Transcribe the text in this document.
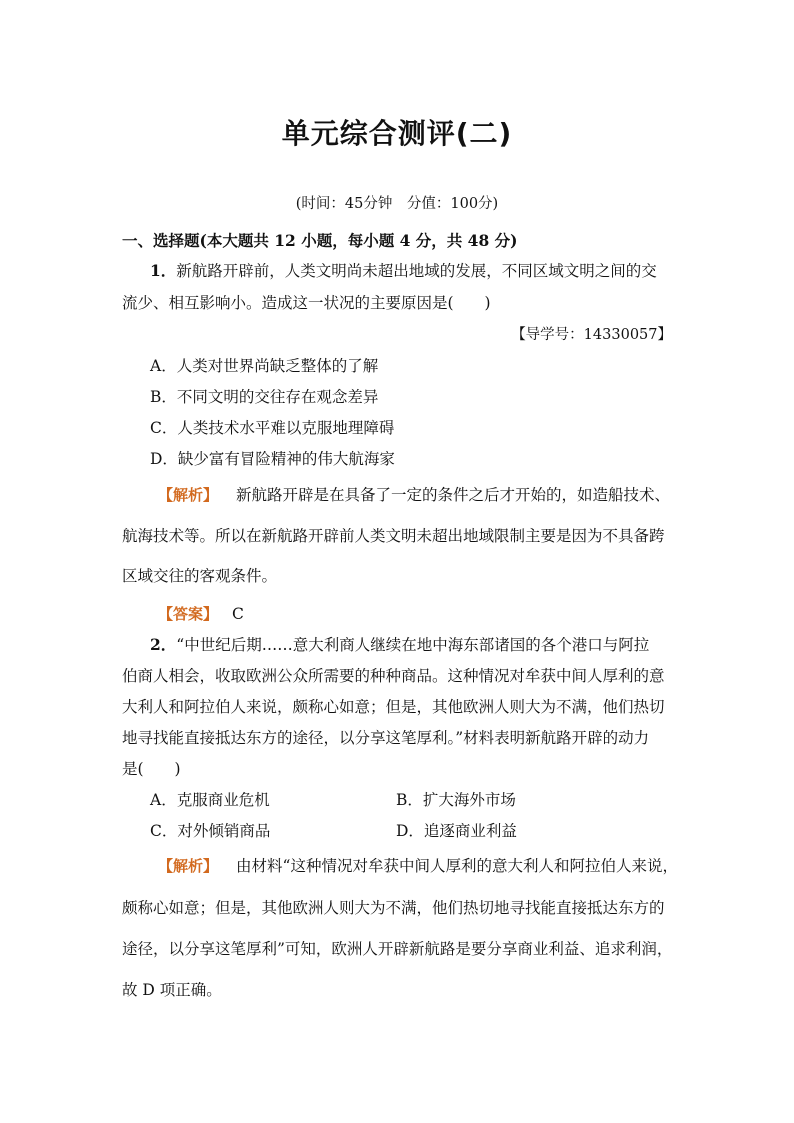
单元综合测评(二)
(时间：45分钟　分值：100分)
一、选择题(本大题共 12 小题，每小题 4 分，共 48 分)
1．新航路开辟前，人类文明尚未超出地域的发展，不同区域文明之间的交
流少、相互影响小。造成这一状况的主要原因是(　　)
【导学号：14330057】
A．人类对世界尚缺乏整体的了解
B．不同文明的交往存在观念差异
C．人类技术水平难以克服地理障碍
D．缺少富有冒险精神的伟大航海家
【解析】 新航路开辟是在具备了一定的条件之后才开始的，如造船技术、
航海技术等。所以在新航路开辟前人类文明未超出地域限制主要是因为不具备跨
区域交往的客观条件。
【答案】 C
2．“中世纪后期……意大利商人继续在地中海东部诸国的各个港口与阿拉
伯商人相会，收取欧洲公众所需要的种种商品。这种情况对牟获中间人厚利的意
大利人和阿拉伯人来说，颇称心如意；但是，其他欧洲人则大为不满，他们热切
地寻找能直接抵达东方的途径，以分享这笔厚利。”材料表明新航路开辟的动力
是(　　)
A．克服商业危机	B．扩大海外市场
C．对外倾销商品	D．追逐商业利益
【解析】 由材料“这种情况对牟获中间人厚利的意大利人和阿拉伯人来说，
颇称心如意；但是，其他欧洲人则大为不满，他们热切地寻找能直接抵达东方的
途径，以分享这笔厚利”可知，欧洲人开辟新航路是要分享商业利益、追求利润，
故 D 项正确。
